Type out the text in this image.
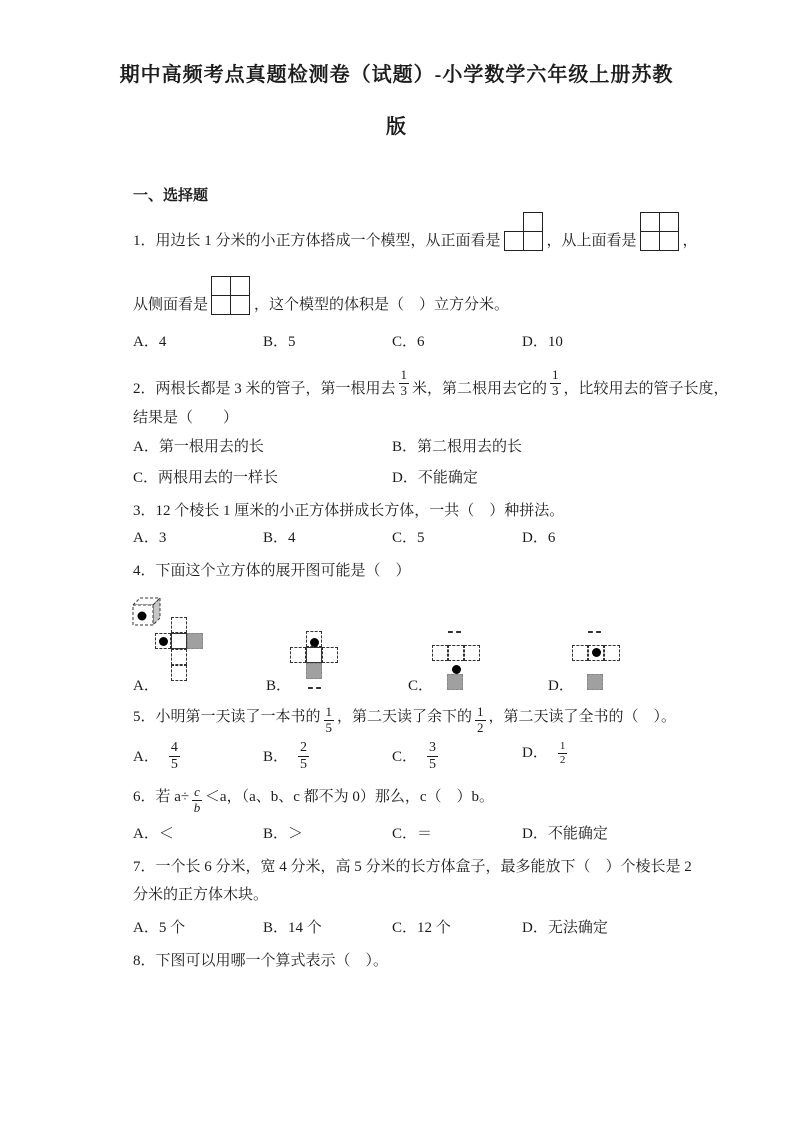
期中高频考点真题检测卷（试题）-小学数学六年级上册苏教
版
一、选择题
1．用边长 1 分米的小正方体搭成一个模型，从正面看是	，从上面看是	，
从侧面看是	，这个模型的体积是（　）立方分米。
A．4	B．5	C．6	D．10
2．两根长都是 3 米的管子，第一根用去 $\frac{1}{3}$ 米，第二根用去它的 $\frac{1}{3}$ ，比较用去的管子长度，
结果是（　　）
A．第一根用去的长	B．第二根用去的长
C．两根用去的一样长	D．不能确定
3．12 个棱长 1 厘米的小正方体拼成长方体，一共（　）种拼法。
A．3	B．4	C．5	D．6
4．下面这个立方体的展开图可能是（　）
A．	B．	C．	D．
5．小明第一天读了一本书的 $\frac{1}{5}$ ，第二天读了余下的 $\frac{1}{2}$ ，第二天读了全书的（　）。
A． $\frac{4}{5}$	B． $\frac{2}{5}$	C． $\frac{3}{5}$	D． $\frac{1}{2}$
6．若 $a\div \frac{c}{b} <a$，（a、b、c 都不为 0）那么，c（　）b。
A．＜	B．＞	C．＝	D．不能确定
7．一个长 6 分米，宽 4 分米，高 5 分米的长方体盒子，最多能放下（　）个棱长是 2
分米的正方体木块。
A．5 个	B．14 个	C．12 个	D．无法确定
8．下图可以用哪一个算式表示（　）。
